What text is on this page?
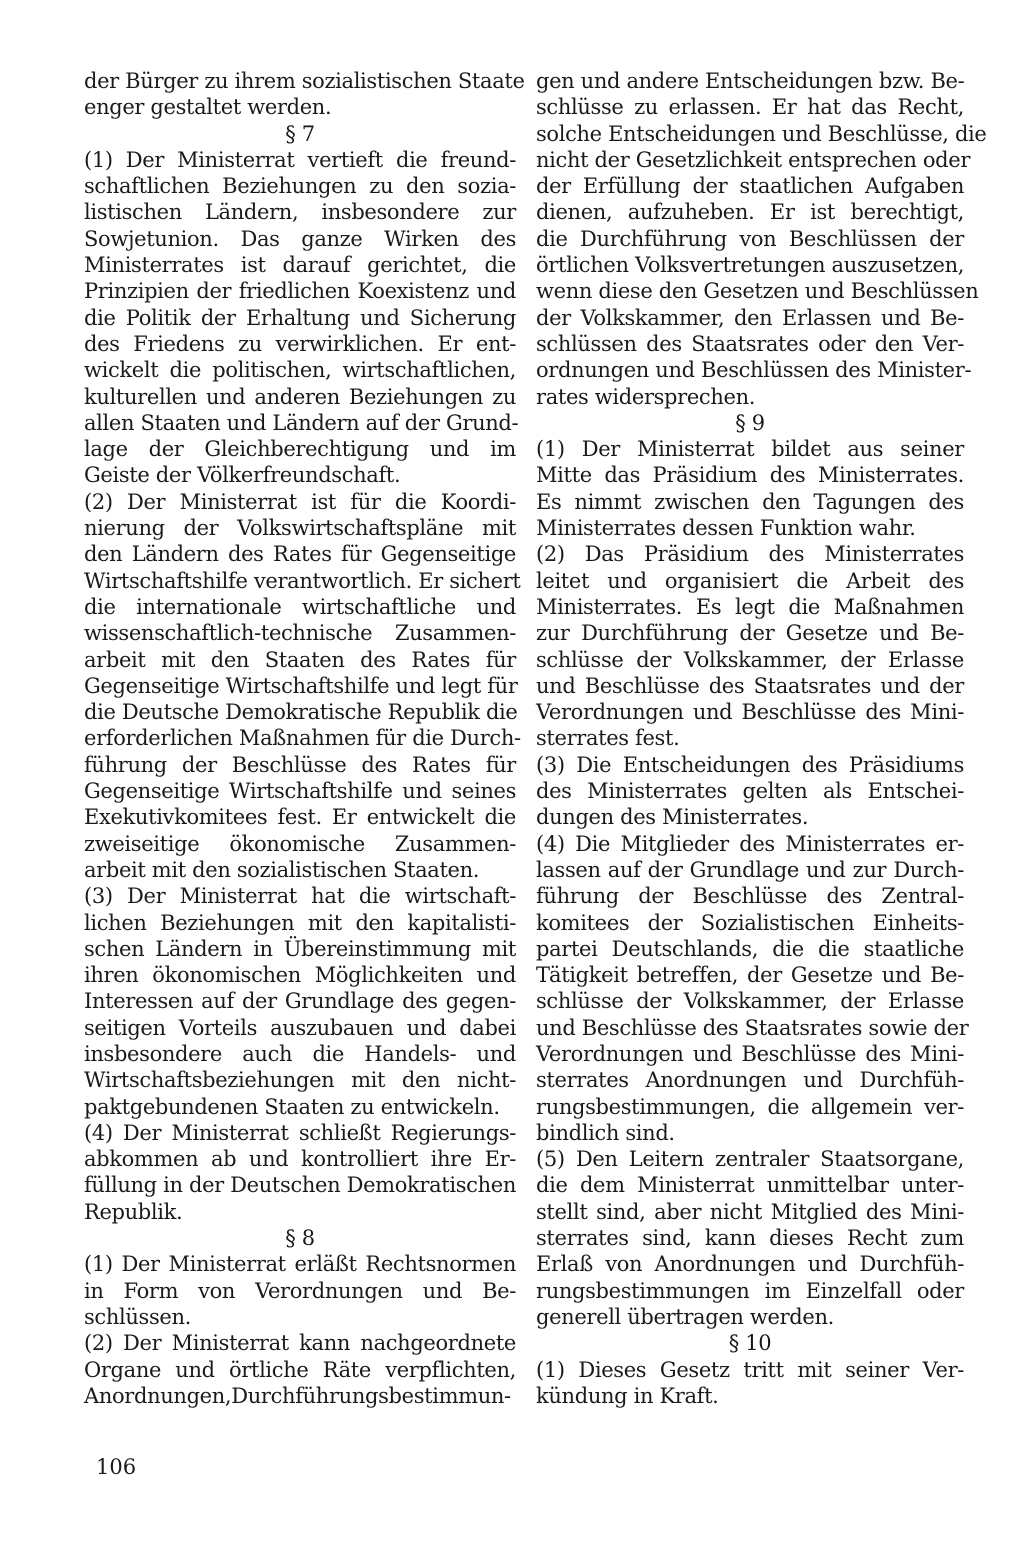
der Bürger zu ihrem sozialistischen Staate
enger gestaltet werden.
§ 7
(1) Der Ministerrat vertieft die freund-
schaftlichen Beziehungen zu den sozia-
listischen Ländern, insbesondere zur
Sowjetunion. Das ganze Wirken des
Ministerrates ist darauf gerichtet, die
Prinzipien der friedlichen Koexistenz und
die Politik der Erhaltung und Sicherung
des Friedens zu verwirklichen. Er ent-
wickelt die politischen, wirtschaftlichen,
kulturellen und anderen Beziehungen zu
allen Staaten und Ländern auf der Grund-
lage der Gleichberechtigung und im
Geiste der Völkerfreundschaft.
(2) Der Ministerrat ist für die Koordi-
nierung der Volkswirtschaftspläne mit
den Ländern des Rates für Gegenseitige
Wirtschaftshilfe verantwortlich. Er sichert
die internationale wirtschaftliche und
wissenschaftlich-technische Zusammen-
arbeit mit den Staaten des Rates für
Gegenseitige Wirtschaftshilfe und legt für
die Deutsche Demokratische Republik die
erforderlichen Maßnahmen für die Durch-
führung der Beschlüsse des Rates für
Gegenseitige Wirtschaftshilfe und seines
Exekutivkomitees fest. Er entwickelt die
zweiseitige ökonomische Zusammen-
arbeit mit den sozialistischen Staaten.
(3) Der Ministerrat hat die wirtschaft-
lichen Beziehungen mit den kapitalisti-
schen Ländern in Übereinstimmung mit
ihren ökonomischen Möglichkeiten und
Interessen auf der Grundlage des gegen-
seitigen Vorteils auszubauen und dabei
insbesondere auch die Handels- und
Wirtschaftsbeziehungen mit den nicht-
paktgebundenen Staaten zu entwickeln.
(4) Der Ministerrat schließt Regierungs-
abkommen ab und kontrolliert ihre Er-
füllung in der Deutschen Demokratischen
Republik.
§ 8
(1) Der Ministerrat erläßt Rechtsnormen
in Form von Verordnungen und Be-
schlüssen.
(2) Der Ministerrat kann nachgeordnete
Organe und örtliche Räte verpflichten,
Anordnungen,Durchführungsbestimmun-
gen und andere Entscheidungen bzw. Be-
schlüsse zu erlassen. Er hat das Recht,
solche Entscheidungen und Beschlüsse, die
nicht der Gesetzlichkeit entsprechen oder
der Erfüllung der staatlichen Aufgaben
dienen, aufzuheben. Er ist berechtigt,
die Durchführung von Beschlüssen der
örtlichen Volksvertretungen auszusetzen,
wenn diese den Gesetzen und Beschlüssen
der Volkskammer, den Erlassen und Be-
schlüssen des Staatsrates oder den Ver-
ordnungen und Beschlüssen des Minister-
rates widersprechen.
§ 9
(1) Der Ministerrat bildet aus seiner
Mitte das Präsidium des Ministerrates.
Es nimmt zwischen den Tagungen des
Ministerrates dessen Funktion wahr.
(2) Das Präsidium des Ministerrates
leitet und organisiert die Arbeit des
Ministerrates. Es legt die Maßnahmen
zur Durchführung der Gesetze und Be-
schlüsse der Volkskammer, der Erlasse
und Beschlüsse des Staatsrates und der
Verordnungen und Beschlüsse des Mini-
sterrates fest.
(3) Die Entscheidungen des Präsidiums
des Ministerrates gelten als Entschei-
dungen des Ministerrates.
(4) Die Mitglieder des Ministerrates er-
lassen auf der Grundlage und zur Durch-
führung der Beschlüsse des Zentral-
komitees der Sozialistischen Einheits-
partei Deutschlands, die die staatliche
Tätigkeit betreffen, der Gesetze und Be-
schlüsse der Volkskammer, der Erlasse
und Beschlüsse des Staatsrates sowie der
Verordnungen und Beschlüsse des Mini-
sterrates Anordnungen und Durchfüh-
rungsbestimmungen, die allgemein ver-
bindlich sind.
(5) Den Leitern zentraler Staatsorgane,
die dem Ministerrat unmittelbar unter-
stellt sind, aber nicht Mitglied des Mini-
sterrates sind, kann dieses Recht zum
Erlaß von Anordnungen und Durchfüh-
rungsbestimmungen im Einzelfall oder
generell übertragen werden.
§ 10
(1) Dieses Gesetz tritt mit seiner Ver-
kündung in Kraft.
106
